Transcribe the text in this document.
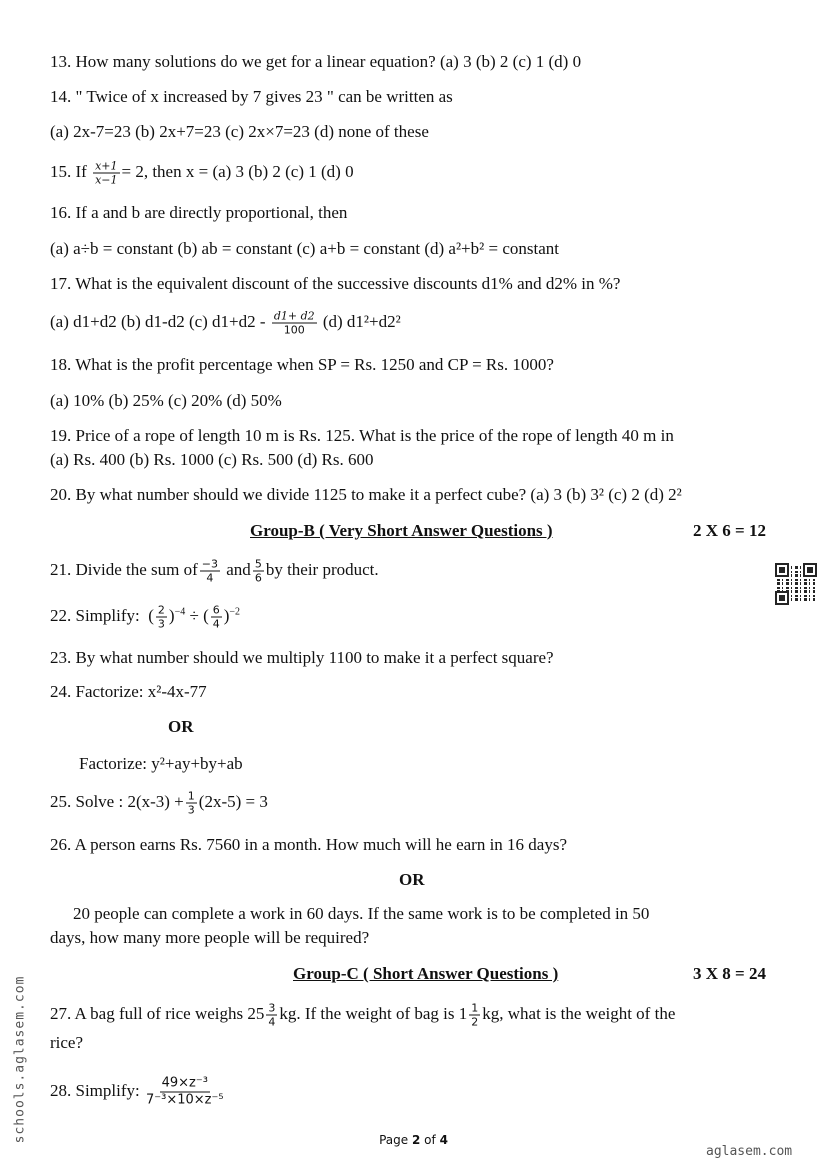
13. How many solutions do we get for a linear equation? (a) 3 (b) 2 (c) 1 (d) 0
14. " Twice of x increased by 7 gives 23 " can be written as
(a) 2x-7=23 (b) 2x+7=23 (c) 2x×7=23 (d) none of these
15. If $\frac{x+1}{x-1} = 2$, then x = (a) 3 (b) 2 (c) 1 (d) 0
16. If a and b are directly proportional, then
(a) a÷b = constant (b) ab = constant (c) a+b = constant (d) a²+b² = constant
17. What is the equivalent discount of the successive discounts d1% and d2% in %?
(a) d1+d2 (b) d1-d2 (c) $d1+d2 - \frac{d1+ d2}{100} (d)$ d1²+d2²
18. What is the profit percentage when SP = Rs. 1250 and CP = Rs. 1000?
(a) 10% (b) 25% (c) 20% (d) 50%
19. Price of a rope of length 10 m is Rs. 125. What is the price of the rope of length 40 m in
(a) Rs. 400 (b) Rs. 1000 (c) Rs. 500 (d) Rs. 600
20. By what number should we divide 1125 to make it a perfect cube? (a) 3 (b) 3² (c) 2 (d) 2²
Group-B ( Very Short Answer Questions )	2 X 6 = 12
21. Divide the sum of $\frac{-3}{4}$ and $\frac{5}{6}$ by their product.
22. Simplify:  ( $\frac{2}{3} )^{-4}$ ÷ ( $\frac{6}{4} )^{-2}$
23. By what number should we multiply 1100 to make it a perfect square?
24. Factorize: x²-4x-77
OR
Factorize: y²+ay+by+ab
25. Solve : $2(x-3) + \frac{1}{3} (2x-5) = 3$
26. A person earns Rs. 7560 in a month. How much will he earn in 16 days?
OR
20 people can complete a work in 60 days. If the same work is to be completed in 50
days, how many more people will be required?
Group-C ( Short Answer Questions )	3 X 8 = 24
27. A bag full of rice weighs $25 \frac{3}{4}$ kg. If the weight of bag is $1 \frac{1}{2}$ kg, what is the weight of the
rice?
28. Simplify: $\frac{\text{49×z⁻³}}{\text{7⁻³×10×z⁻⁵}}$
Page 2 of 4
schools.aglasem.com
aglasem.com
